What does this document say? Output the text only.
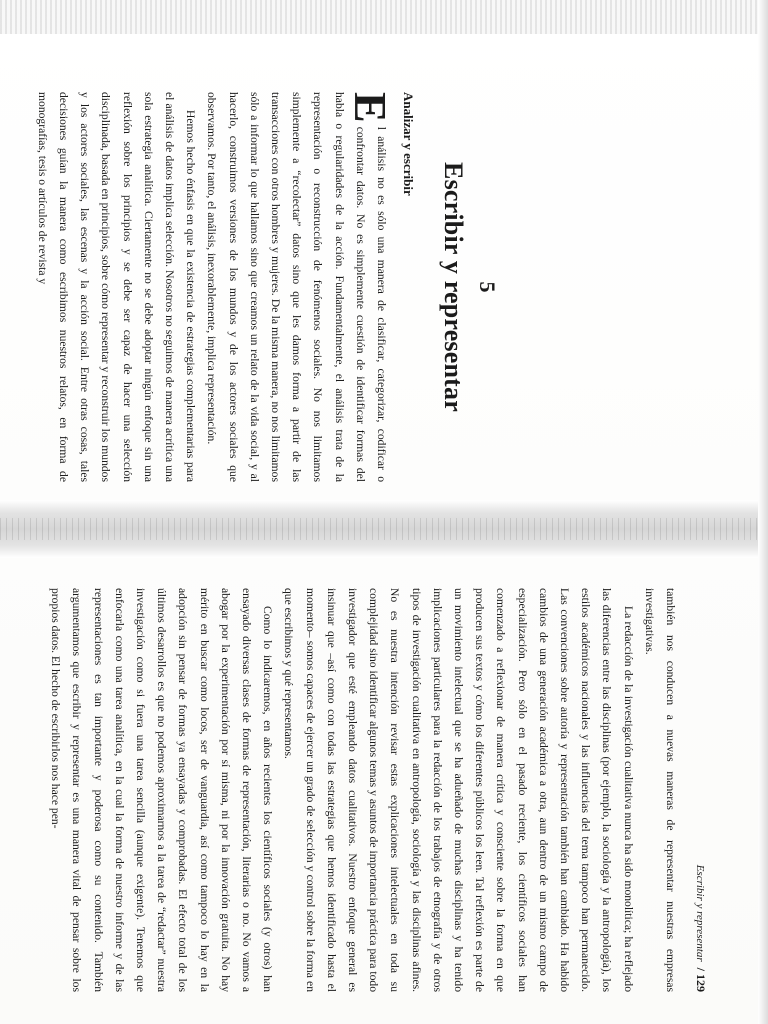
5
Escribir y representar
Analizar y escribir

E
l análisis no es sólo una manera de clasificar, categorizar, codificar o confrontar datos. No es simplemente cuestión de identificar formas del habla o regularidades de la acción. Fundamentalmente, el análisis trata de la representación o reconstrucción de fenómenos sociales. No nos limitamos simplemente a “recolectar” datos sino que les damos forma a partir de las transacciones con otros hombres y mujeres. De la misma manera, no nos limitamos sólo a informar lo que hallamos sino que creamos un relato de la vida social, y al hacerlo, construimos versiones de los mundos y de los actores sociales que observamos. Por tanto, el análisis, inexorablemente, implica representación.

Hemos hecho énfasis en que la existencia de estrategias complementarias para el análisis de datos implica selección. Nosotros no seguimos de manera acrítica una sola estrategia analítica. Ciertamente no se debe adoptar ningún enfoque sin una reflexión sobre los principios y se debe ser capaz de hacer una selección disciplinada, basada en principios, sobre cómo representar y reconstruir los mundos y los actores sociales, las escenas y la acción social. Entre otras cosas, tales decisiones guían la manera como escribimos nuestros relatos, en forma de monografías, tesis o artículos de revista y

Escribir y representar
/ 129

también nos conducen a nuevas maneras de representar nuestras empresas investigativas.

La redacción de la investigación cualitativa nunca ha sido monolítica; ha reflejado las diferencias entre las disciplinas (por ejemplo, la sociología y la antropología), los estilos académicos nacionales y las influencias del tema tampoco han permanecido. Las convenciones sobre autoría y representación también han cambiado. Ha habido cambios de una generación académica a otra, aun dentro de un mismo campo de especialización. Pero sólo en el pasado reciente, los científicos sociales han comenzado a reflexionar de manera crítica y consciente sobre la forma en que producen sus textos y cómo los diferentes públicos los leen. Tal reflexión es parte de un movimiento intelectual que se ha adueñado de muchas disciplinas y ha tenido implicaciones particulares para la redacción de los trabajos de etnografía y de otros tipos de investigación cualitativa en antropología, sociología y las disciplinas afines. No es nuestra intención revisar estas explicaciones intelectuales en toda su complejidad sino identificar algunos temas y asuntos de importancia práctica para todo investigador que esté empleando datos cualitativos. Nuestro enfoque general es insinuar que –así como con todas las estrategias que hemos identificado hasta el momento– somos capaces de ejercer un grado de selección y control sobre la forma en que escribimos y qué representamos.

Como lo indicaremos, en años recientes los científicos sociales (y otros) han ensayado diversas clases de formas de representación, literarias o no. No vamos a abogar por la experimentación por sí misma, ni por la innovación gratuita. No hay mérito en buscar como locos, ser de vanguardia, así como tampoco lo hay en la adopción sin pensar de formas ya ensayadas y comprobadas. El efecto total de los últimos desarrollos es que no podemos aproximarnos a la tarea de “redactar” nuestra investigación como si fuera una tarea sencilla (aunque exigente). Tenemos que enfocarla como una tarea analítica, en la cual la forma de nuestro informe y de las representaciones es tan importante y poderosa como su contenido. También argumentamos que escribir y representar es una manera vital de pensar sobre los propios datos. El hecho de escribirlos nos hace pen-
